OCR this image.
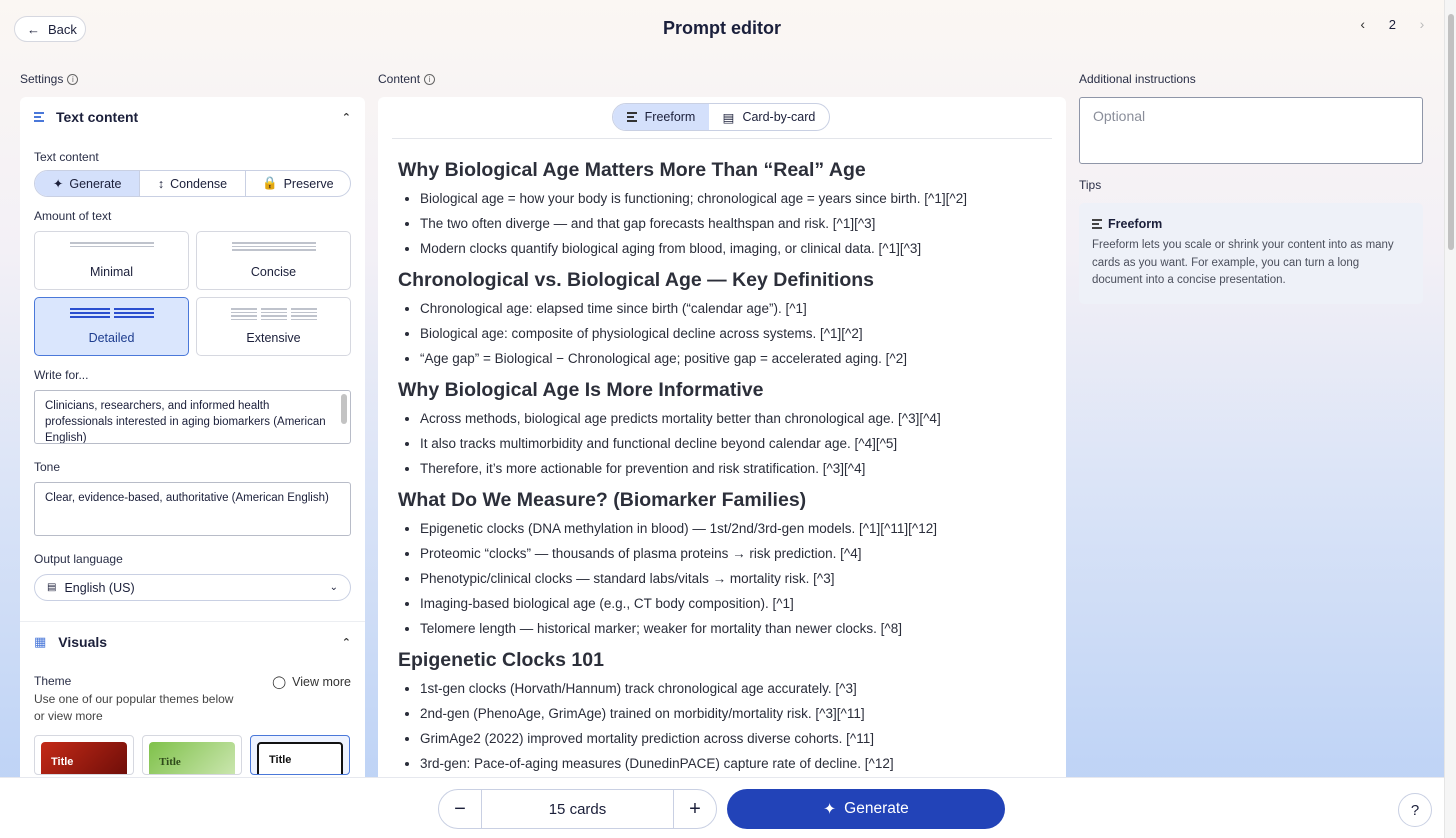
← Back	Prompt editor	‹	2	›
Settings	i	Content	i	Additional instructions
Tips
Text content	⌃
Text content
✦ Generate	↕ Condense	🔒 Preserve
Amount of text
Minimal	Concise
Detailed	Extensive
Write for...
Clinicians, researchers, and informed health professionals interested in aging biomarkers (American English)
Tone
Clear, evidence-based, authoritative (American English)
Output language
▤ English (US)	⌄
▦ Visuals	⌃
Theme	◯ View more
Use one of our popular themes below or view more
Title	Title	Title
Freeform ▤ Card-by-card
Why Biological Age Matters More Than “Real” Age
• Biological age = how your body is functioning; chronological age = years since birth. [^1][^2]
• The two often diverge — and that gap forecasts healthspan and risk. [^1][^3]
• Modern clocks quantify biological aging from blood, imaging, or clinical data. [^1][^3]
Chronological vs. Biological Age — Key Definitions
• Chronological age: elapsed time since birth (“calendar age”). [^1]
• Biological age: composite of physiological decline across systems. [^1][^2]
• “Age gap” = Biological − Chronological age; positive gap = accelerated aging. [^2]
Why Biological Age Is More Informative
• Across methods, biological age predicts mortality better than chronological age. [^3][^4]
• It also tracks multimorbidity and functional decline beyond calendar age. [^4][^5]
• Therefore, it’s more actionable for prevention and risk stratification. [^3][^4]
What Do We Measure? (Biomarker Families)
• Epigenetic clocks (DNA methylation in blood) — 1st/2nd/3rd-gen models. [^1][^11][^12]
• Proteomic “clocks” — thousands of plasma proteins → risk prediction. [^4]
• Phenotypic/clinical clocks — standard labs/vitals → mortality risk. [^3]
• Imaging-based biological age (e.g., CT body composition). [^1]
• Telomere length — historical marker; weaker for mortality than newer clocks. [^8]
Epigenetic Clocks 101
• 1st-gen clocks (Horvath/Hannum) track chronological age accurately. [^3]
• 2nd-gen (PhenoAge, GrimAge) trained on morbidity/mortality risk. [^3][^11]
• GrimAge2 (2022) improved mortality prediction across diverse cohorts. [^11]
• 3rd-gen: Pace-of-aging measures (DunedinPACE) capture rate of decline. [^12]
Optional
Freeform
Freeform lets you scale or shrink your content into as many cards as you want. For example, you can turn a long document into a concise presentation.
−	15 cards	+	✦ Generate	?
